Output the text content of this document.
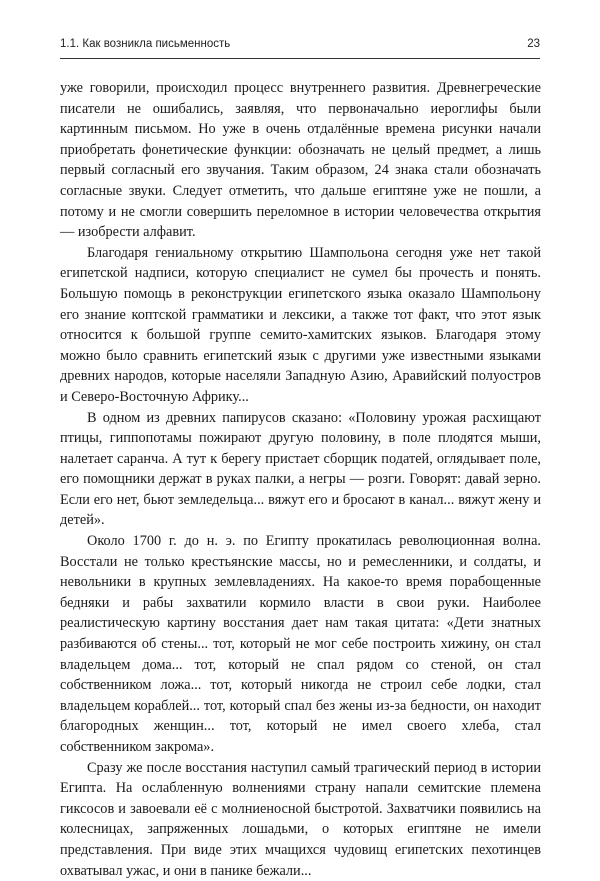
1.1. Как возникла письменность	23

уже говорили, происходил процесс внутреннего развития. Древнегреческие писатели не ошибались, заявляя, что первоначально иероглифы были картинным письмом. Но уже в очень отдалённые времена рисунки начали приобретать фонетические функции: обозначать не целый предмет, а лишь первый согласный его звучания. Таким образом, 24 знака стали обозначать согласные звуки. Следует отметить, что дальше египтяне уже не пошли, а потому и не смогли совершить переломное в истории человечества открытия — изобрести алфавит.

Благодаря гениальному открытию Шампольона сегодня уже нет такой египетской надписи, которую специалист не сумел бы прочесть и понять. Большую помощь в реконструкции египетского языка оказало Шампольону его знание коптской грамматики и лексики, а также тот факт, что этот язык относится к большой группе семито-хамитских языков. Благодаря этому можно было сравнить египетский язык с другими уже известными языками древних народов, которые населяли Западную Азию, Аравийский полуостров и Северо-Восточную Африку...

В одном из древних папирусов сказано: «Половину урожая расхищают птицы, гиппопотамы пожирают другую половину, в поле плодятся мыши, налетает саранча. А тут к берегу пристает сборщик податей, оглядывает поле, его помощники держат в руках палки, а негры — розги. Говорят: давай зерно. Если его нет, бьют земледельца... вяжут его и бросают в канал... вяжут жену и детей».

Около 1700 г. до н. э. по Египту прокатилась революционная волна. Восстали не только крестьянские массы, но и ремесленники, и солдаты, и невольники в крупных землевладениях. На какое-то время порабощенные бедняки и рабы захватили кормило власти в свои руки. Наиболее реалистическую картину восстания дает нам такая цитата: «Дети знатных разбиваются об стены... тот, который не мог себе построить хижину, он стал владельцем дома... тот, который не спал рядом со стеной, он стал собственником ложа... тот, который никогда не строил себе лодки, стал владельцем кораблей... тот, который спал без жены из-за бедности, он находит благородных женщин... тот, который не имел своего хлеба, стал собственником закрома».

Сразу же после восстания наступил самый трагический период в истории Египта. На ослабленную волнениями страну напали семитские племена гиксосов и завоевали её с молниеносной быстротой. Захватчики появились на колесницах, запряженных лошадьми, о которых египтяне не имели представления. При виде этих мчащихся чудовищ египетских пехотинцев охватывал ужас, и они в панике бежали...
